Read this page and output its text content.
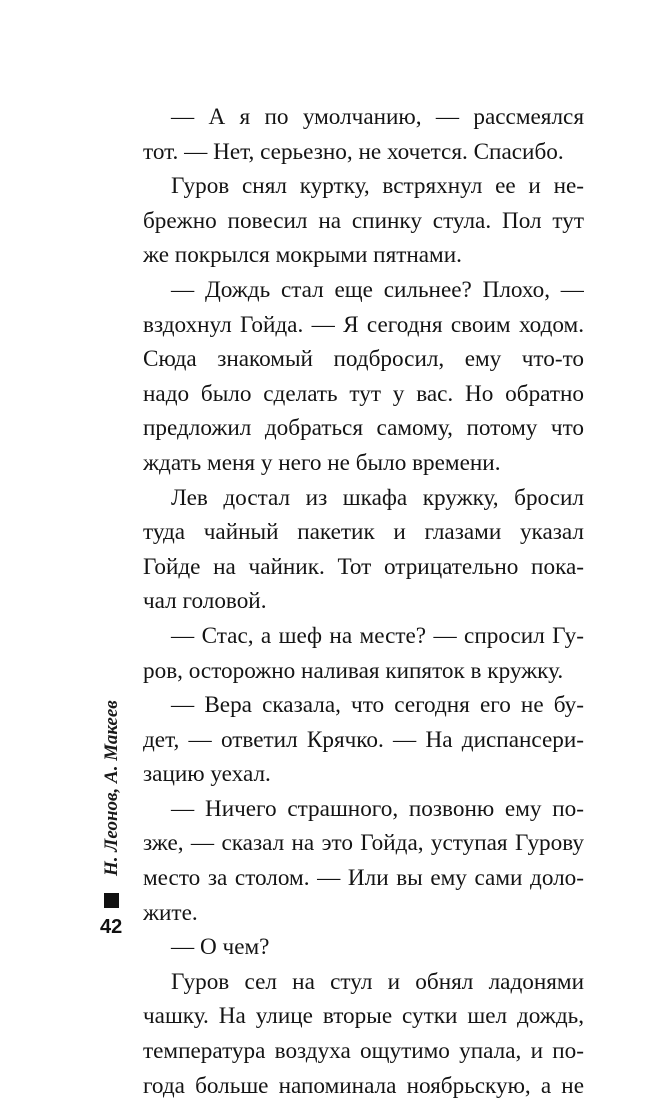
— А я по умолчанию, — рассмеялся
тот. — Нет, серьезно, не хочется. Спасибо.
Гуров снял куртку, встряхнул ее и не-
брежно повесил на спинку стула. Пол тут
же покрылся мокрыми пятнами.
— Дождь стал еще сильнее? Плохо, —
вздохнул Гойда. — Я сегодня своим ходом.
Сюда знакомый подбросил, ему что-то
надо было сделать тут у вас. Но обратно
предложил добраться самому, потому что
ждать меня у него не было времени.
Лев достал из шкафа кружку, бросил
туда чайный пакетик и глазами указал
Гойде на чайник. Тот отрицательно пока-
чал головой.
— Стас, а шеф на месте? — спросил Гу-
ров, осторожно наливая кипяток в кружку.
— Вера сказала, что сегодня его не бу-
дет, — ответил Крячко. — На диспансери-
зацию уехал.
— Ничего страшного, позвоню ему по-
зже, — сказал на это Гойда, уступая Гурову
место за столом. — Или вы ему сами доло-
жите.
— О чем?
Гуров сел на стул и обнял ладонями
чашку. На улице вторые сутки шел дождь,
температура воздуха ощутимо упала, и по-
года больше напоминала ноябрьскую, а не
Н. Леонов, А. Макеев
42
